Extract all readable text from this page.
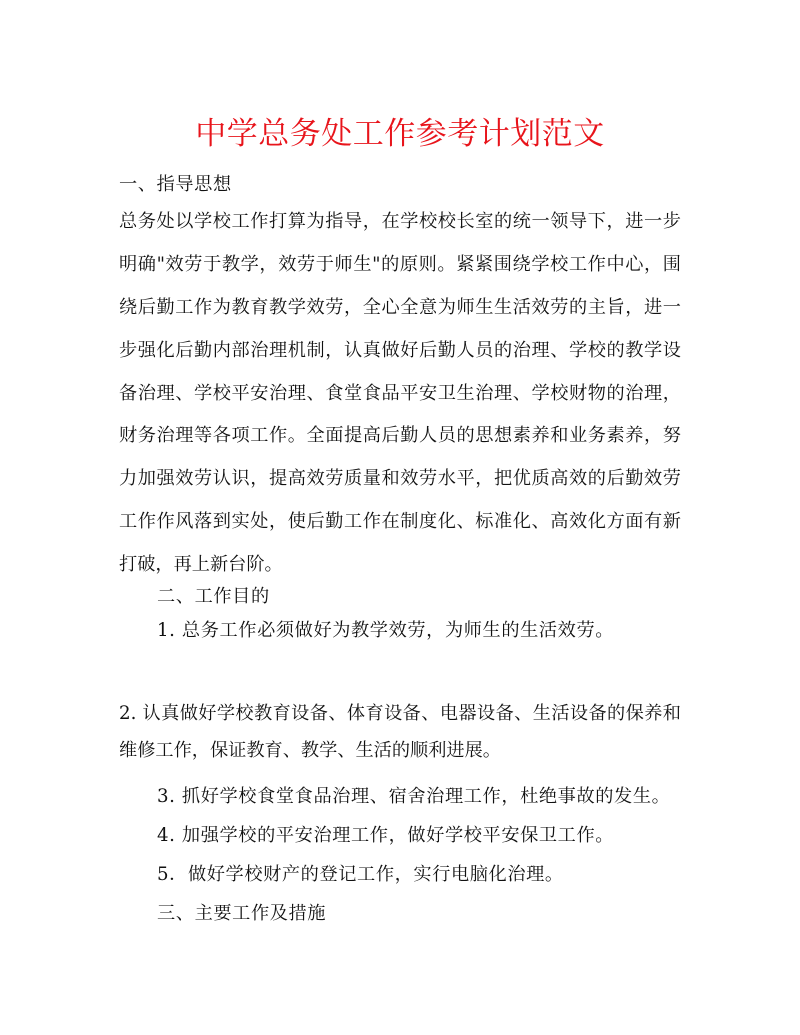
中学总务处工作参考计划范文
一、指导思想
总务处以学校工作打算为指导，在学校校长室的统一领导下，进一步
明确"效劳于教学，效劳于师生"的原则。紧紧围绕学校工作中心，围
绕后勤工作为教育教学效劳，全心全意为师生生活效劳的主旨，进一
步强化后勤内部治理机制，认真做好后勤人员的治理、学校的教学设
备治理、学校平安治理、食堂食品平安卫生治理、学校财物的治理，
财务治理等各项工作。全面提高后勤人员的思想素养和业务素养，努
力加强效劳认识，提高效劳质量和效劳水平，把优质高效的后勤效劳
工作作风落到实处，使后勤工作在制度化、标准化、高效化方面有新
打破，再上新台阶。
二、工作目的
1. 总务工作必须做好为教学效劳，为师生的生活效劳。
2. 认真做好学校教育设备、体育设备、电器设备、生活设备的保养和
维修工作，保证教育、教学、生活的顺利进展。
3. 抓好学校食堂食品治理、宿舍治理工作，杜绝事故的发生。
4. 加强学校的平安治理工作，做好学校平安保卫工作。
5．做好学校财产的登记工作，实行电脑化治理。
三、主要工作及措施
